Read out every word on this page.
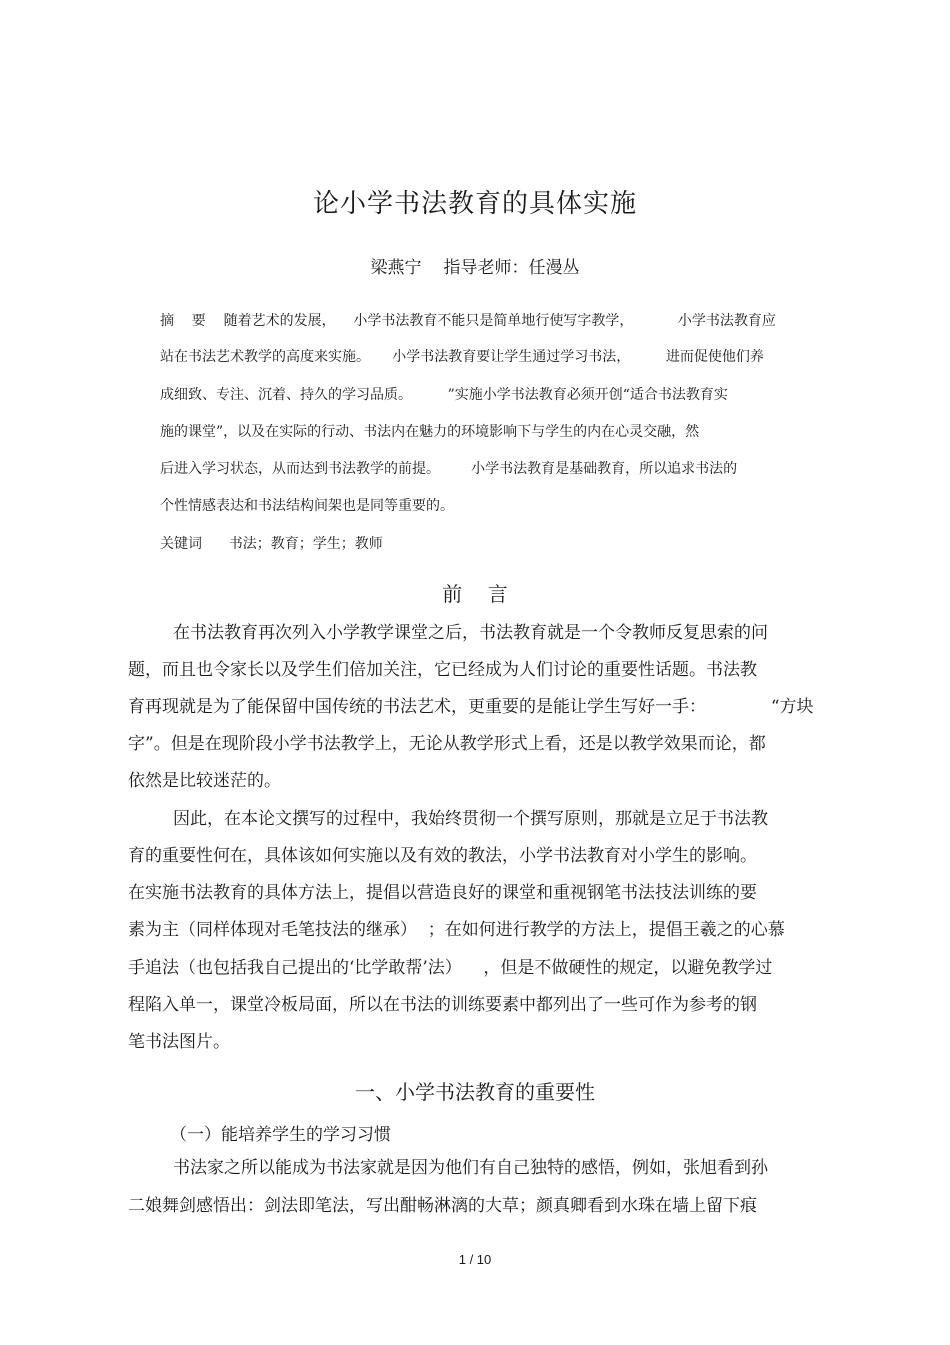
论小学书法教育的具体实施
梁燕宁 指导老师：任漫丛
摘    要    随着艺术的发展，    小学书法教育不能只是简单地行使写字教学，          小学书法教育应
站在书法艺术教学的高度来实施。     小学书法教育要让学生通过学习书法，        进而促使他们养
成细致、专注、沉着、持久的学习品质。        ”实施小学书法教育必须开创“适合书法教育实
施的课堂”，以及在实际的行动、书法内在魅力的环境影响下与学生的内在心灵交融，然
后进入学习状态，从而达到书法教学的前提。       小学书法教育是基础教育，所以追求书法的
个性情感表达和书法结构间架也是同等重要的。
关键词      书法；教育；学生；教师
前    言
在书法教育再次列入小学教学课堂之后，书法教育就是一个令教师反复思索的问
题，而且也令家长以及学生们倍加关注，它已经成为人们讨论的重要性话题。书法教
育再现就是为了能保留中国传统的书法艺术，更重要的是能让学生写好一手：            “方块
字”。但是在现阶段小学书法教学上，无论从教学形式上看，还是以教学效果而论，都
依然是比较迷茫的。
因此，在本论文撰写的过程中，我始终贯彻一个撰写原则，那就是立足于书法教
育的重要性何在，具体该如何实施以及有效的教法，小学书法教育对小学生的影响。
在实施书法教育的具体方法上，提倡以营造良好的课堂和重视钢笔书法技法训练的要
素为主（同样体现对毛笔技法的继承）  ；在如何进行教学的方法上，提倡王羲之的心慕
手追法（也包括我自己提出的‘比学敢帮’法）    ，但是不做硬性的规定，以避免教学过
程陷入单一，课堂冷板局面，所以在书法的训练要素中都列出了一些可作为参考的钢
笔书法图片。
一、小学书法教育的重要性
（一）能培养学生的学习习惯
书法家之所以能成为书法家就是因为他们有自己独特的感悟，例如，张旭看到孙
二娘舞剑感悟出：剑法即笔法，写出酣畅淋漓的大草；颜真卿看到水珠在墙上留下痕
1 / 10
